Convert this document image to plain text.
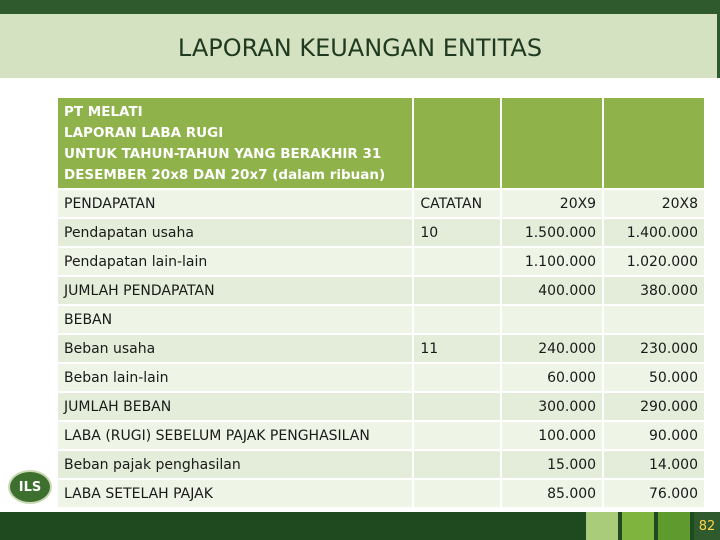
LAPORAN KEUANGAN ENTITAS
PT MELATI
LAPORAN LABA RUGI
UNTUK TAHUN-TAHUN YANG BERAKHIR 31
DESEMBER 20x8 DAN 20x7 (dalam ribuan)			

PENDAPATAN	CATATAN	20X9	20X8
Pendapatan usaha	10	1.500.000	1.400.000
Pendapatan lain-lain		1.100.000	1.020.000
JUMLAH PENDAPATAN		400.000	380.000
BEBAN			
Beban usaha	11	240.000	230.000
Beban lain-lain		60.000	50.000
JUMLAH BEBAN		300.000	290.000
LABA (RUGI) SEBELUM PAJAK PENGHASILAN		100.000	90.000
Beban pajak penghasilan		15.000	14.000
LABA SETELAH PAJAK		85.000	76.000
ILS
82
